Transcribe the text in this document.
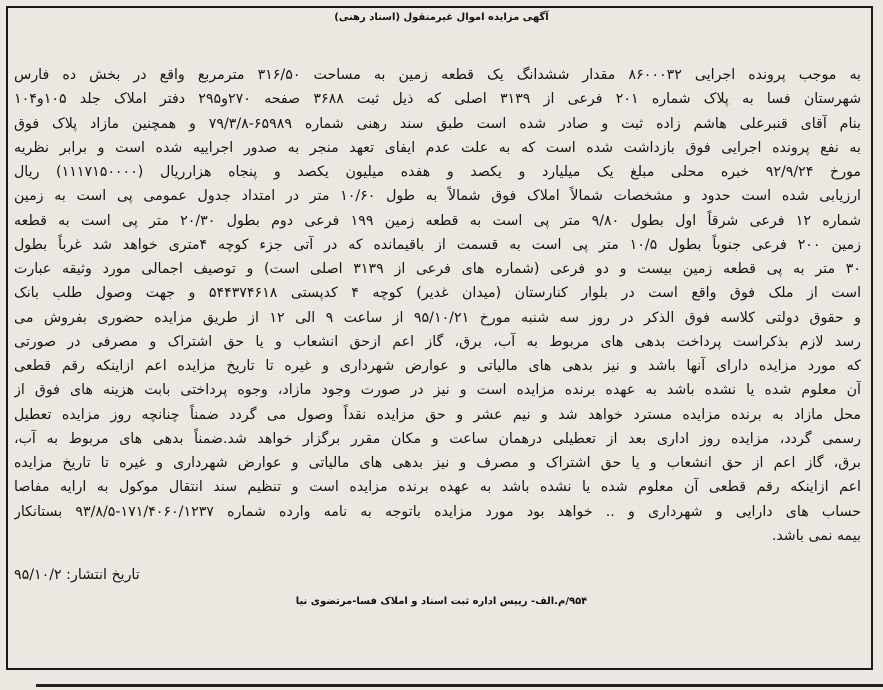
آگهی مزایده اموال غیرمنقول (اسناد رهنی)
به موجب پرونده اجرایی ۸۶۰۰۰۳۲ مقدار ششدانگ یک قطعه زمین به مساحت ۳۱۶/۵۰ مترمربع واقع در بخش ده فارس
شهرستان فسا به پلاک شماره ۲۰۱ فرعی از ۳۱۳۹ اصلی که ذیل ثبت ۳۶۸۸ صفحه ۲۷۰و۲۹۵ دفتر املاک جلد ۱۰۵و۱۰۴
بنام آقای قنبرعلی هاشم زاده ثبت و صادر شده است طبق سند رهنی شماره ۶۵۹۸۹-۷۹/۳/۸ و همچنین مازاد پلاک فوق
به نفع پرونده اجرایی فوق بازداشت شده است که به علت عدم ایفای تعهد منجر به صدور اجراییه شده است و برابر نظریه
مورخ ۹۲/۹/۲۴ خبره محلی مبلغ یک میلیارد و یکصد و هفده میلیون یکصد و پنجاه هزارریال (۱۱۱۷۱۵۰۰۰۰) ریال
ارزیابی شده است حدود و مشخصات شمالاً املاک فوق شمالاً به طول ۱۰/۶۰ متر در امتداد جدول عمومی پی است به زمین
شماره ۱۲ فرعی شرقاً اول بطول ۹/۸۰ متر پی است به قطعه زمین ۱۹۹ فرعی دوم بطول ۲۰/۳۰ متر پی است به قطعه
زمین ۲۰۰ فرعی جنوباً بطول ۱۰/۵ متر پی است به قسمت از باقیمانده که در آتی جزء کوچه ۴متری خواهد شد غرباً بطول
۳۰ متر به پی قطعه زمین بیست و دو فرعی (شماره های فرعی از ۳۱۳۹ اصلی است) و توصیف اجمالی مورد وثیقه عبارت
است از ملک فوق واقع است در بلوار کنارستان (میدان غدیر) کوچه ۴ کدپستی ۵۴۴۳۷۴۶۱۸ و جهت وصول طلب بانک
و حقوق دولتی کلاسه فوق الذکر در روز سه شنبه مورخ ۹۵/۱۰/۲۱ از ساعت ۹ الی ۱۲ از طریق مزایده حضوری بفروش می
رسد لازم بذکراست پرداخت بدهی های مربوط به آب، برق، گاز اعم ازحق انشعاب و یا حق اشتراک و مصرفی در صورتی
که مورد مزایده دارای آنها باشد و نیز بدهی های مالیاتی و عوارض شهرداری و غیره تا تاریخ مزایده اعم ازاینکه رقم قطعی
آن معلوم شده یا نشده باشد به عهده برنده مزایده است و نیز در صورت وجود مازاد، وجوه پرداختی بابت هزینه های فوق از
محل مازاد به برنده مزایده مسترد خواهد شد و نیم عشر و حق مزایده نقداً وصول می گردد ضمناً چنانچه روز مزایده تعطیل
رسمی گردد، مزایده روز اداری بعد از تعطیلی درهمان ساعت و مکان مقرر برگزار خواهد شد.ضمناً بدهی های مربوط به آب،
برق، گاز اعم از حق انشعاب و یا حق اشتراک و مصرف و نیز بدهی های مالیاتی و عوارض شهرداری و غیره تا تاریخ مزایده
اعم ازاینکه رقم قطعی آن معلوم شده یا نشده باشد به عهده برنده مزایده است و تنظیم سند انتقال موکول به ارایه مفاصا
حساب های دارایی و شهرداری و .. خواهد بود مورد مزایده باتوجه به نامه وارده شماره ۱۷۱/۴۰۶۰/۱۲۳۷-۹۳/۸/۵ بستانکار
بیمه نمی باشد.
تاریخ انتشار: ۹۵/۱۰/۲
۹۵۴/م.الف- رییس اداره ثبت اسناد و املاک فسا-مرتضوی نیا
